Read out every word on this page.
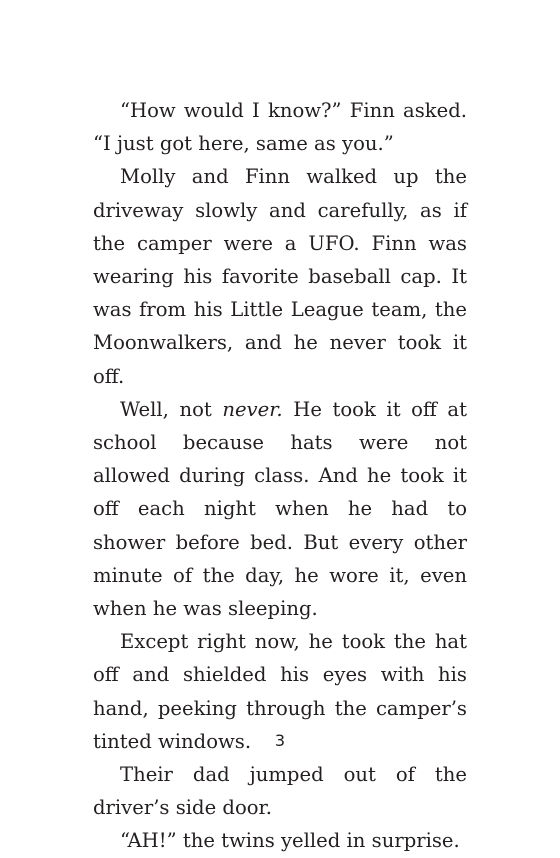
“How would I know?” Finn asked. “I just got here, same as you.”

Molly and Finn walked up the driveway slowly and carefully, as if the camper were a UFO. Finn was wearing his favorite baseball cap. It was from his Little League team, the Moonwalkers, and he never took it off.

Well, not never. He took it off at school because hats were not allowed during class. And he took it off each night when he had to shower before bed. But every other minute of the day, he wore it, even when he was sleeping.

Except right now, he took the hat off and shielded his eyes with his hand, peeking through the camper’s tinted windows.

Their dad jumped out of the driver’s side door.

“AH!” the twins yelled in surprise.

3
